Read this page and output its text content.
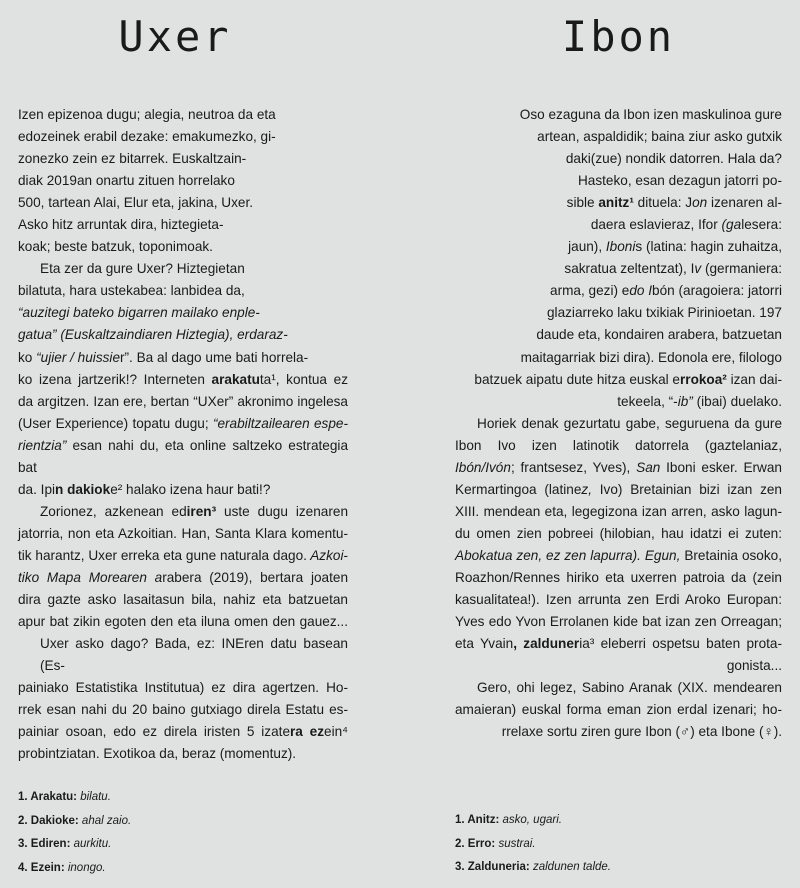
Uxer
Izen epizenoa dugu; alegia, neutroa da eta
edozeinek erabil dezake: emakumezko, gi-
zonezko zein ez bitarrek. Euskaltzain-
diak 2019an onartu zituen horrelako
500, tartean Alai, Elur eta, jakina, Uxer.
Asko hitz arruntak dira, hiztegieta-
koak; beste batzuk, toponimoak.
Eta zer da gure Uxer? Hiztegietan
bilatuta, hara ustekabea: lanbidea da,
“auzitegi bateko bigarren mailako enple-
gatua” (Euskaltzaindiaren Hiztegia), erdaraz-
ko “ujier / huissier”. Ba al dago ume bati horrela-
ko izena jartzerik!? Interneten arakatuta¹, kontua ez
da argitzen. Izan ere, bertan “UXer” akronimo ingelesa
(User Experience) topatu dugu; “erabiltzailearen espe-
rientzia” esan nahi du, eta online saltzeko estrategia bat
da. Ipin dakioke² halako izena haur bati!?
Zorionez, azkenean ediren³ uste dugu izenaren
jatorria, non eta Azkoitian. Han, Santa Klara komentu-
tik harantz, Uxer erreka eta gune naturala dago. Azkoi-
tiko Mapa Morearen arabera (2019), bertara joaten
dira gazte asko lasaitasun bila, nahiz eta batzuetan
apur bat zikin egoten den eta iluna omen den gauez...
Uxer asko dago? Bada, ez: INEren datu basean (Es-
painiako Estatistika Institutua) ez dira agertzen. Ho-
rrek esan nahi du 20 baino gutxiago direla Estatu es-
painiar osoan, edo ez direla iristen 5 izatera ezein⁴
probintziatan. Exotikoa da, beraz (momentuz).
1. Arakatu: bilatu.
2. Dakioke: ahal zaio.
3. Ediren: aurkitu.
4. Ezein: inongo.
Ibon
Oso ezaguna da Ibon izen maskulinoa gure
artean, aspaldidik; baina ziur asko gutxik
daki(zue) nondik datorren. Hala da?
Hasteko, esan dezagun jatorri po-
sible anitz¹ dituela: Jon izenaren al-
daera eslavieraz, Ifor (galesera:
jaun), Ibonis (latina: hagin zuhaitza,
sakratua zeltentzat), Iv (germaniera:
arma, gezi) edo Ibón (aragoiera: jatorri
glaziarreko laku txikiak Pirinioetan. 197
daude eta, kondairen arabera, batzuetan
maitagarriak bizi dira). Edonola ere, filologo
batzuek aipatu dute hitza euskal errokoa² izan dai-
tekeela, “-ib” (ibai) duelako.
Horiek denak gezurtatu gabe, seguruena da gure
Ibon Ivo izen latinotik datorrela (gaztelaniaz,
Ibón/Ivón; frantsesez, Yves), San Iboni esker. Erwan
Kermartingoa (latinez, Ivo) Bretainian bizi izan zen
XIII. mendean eta, legegizona izan arren, asko lagun-
du omen zien pobreei (hilobian, hau idatzi ei zuten:
Abokatua zen, ez zen lapurra). Egun, Bretainia osoko,
Roazhon/Rennes hiriko eta uxerren patroia da (zein
kasualitatea!). Izen arrunta zen Erdi Aroko Europan:
Yves edo Yvon Errolanen kide bat izan zen Orreagan;
eta Yvain, zalduneria³ eleberri ospetsu baten prota-
gonista...
Gero, ohi legez, Sabino Aranak (XIX. mendearen
amaieran) euskal forma eman zion erdal izenari; ho-
rrelaxe sortu ziren gure Ibon (♂) eta Ibone (♀).
1. Anitz: asko, ugari.
2. Erro: sustrai.
3. Zalduneria: zaldunen talde.
